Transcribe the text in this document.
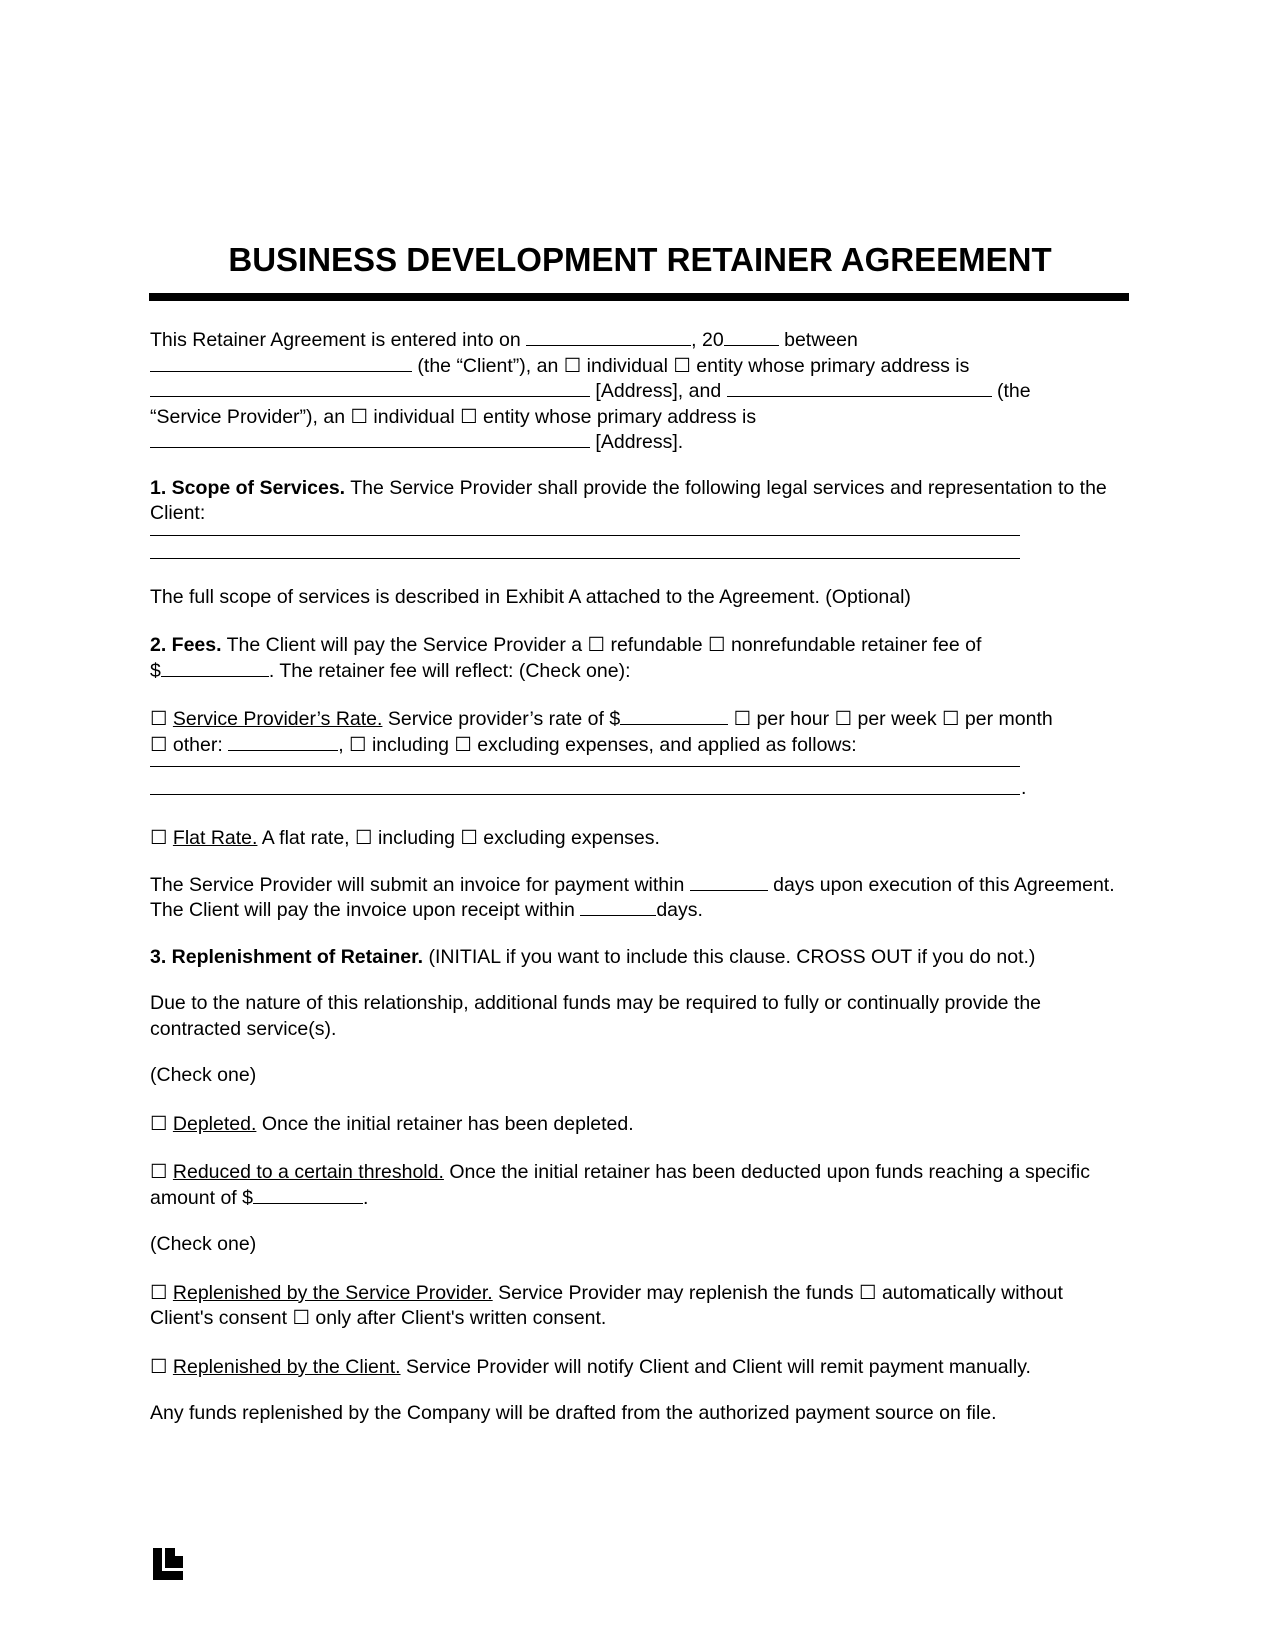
BUSINESS DEVELOPMENT RETAINER AGREEMENT

This Retainer Agreement is entered into on	, 20	between
(the “Client”), an ☐ individual ☐ entity whose primary address is
[Address], and	(the
“Service Provider”), an ☐ individual ☐ entity whose primary address is
[Address].

1. Scope of Services. The Service Provider shall provide the following legal services and representation to the Client:

The full scope of services is described in Exhibit A attached to the Agreement. (Optional)

2. Fees. The Client will pay the Service Provider a ☐ refundable ☐ nonrefundable retainer fee of
$	. The retainer fee will reflect: (Check one):

☐ Service Provider’s Rate. Service provider’s rate of $	☐ per hour ☐ per week ☐ per month
☐ other:	, ☐ including ☐ excluding expenses, and applied as follows:

.

☐ Flat Rate. A flat rate, ☐ including ☐ excluding expenses.

The Service Provider will submit an invoice for payment within	days upon execution of this Agreement. The Client will pay the invoice upon receipt within	days.

3. Replenishment of Retainer. (INITIAL if you want to include this clause. CROSS OUT if you do not.)

Due to the nature of this relationship, additional funds may be required to fully or continually provide the contracted service(s).

(Check one)

☐ Depleted. Once the initial retainer has been depleted.

☐ Reduced to a certain threshold. Once the initial retainer has been deducted upon funds reaching a specific amount of $	.

(Check one)

☐ Replenished by the Service Provider. Service Provider may replenish the funds ☐ automatically without Client's consent ☐ only after Client's written consent.

☐ Replenished by the Client. Service Provider will notify Client and Client will remit payment manually.

Any funds replenished by the Company will be drafted from the authorized payment source on file.
